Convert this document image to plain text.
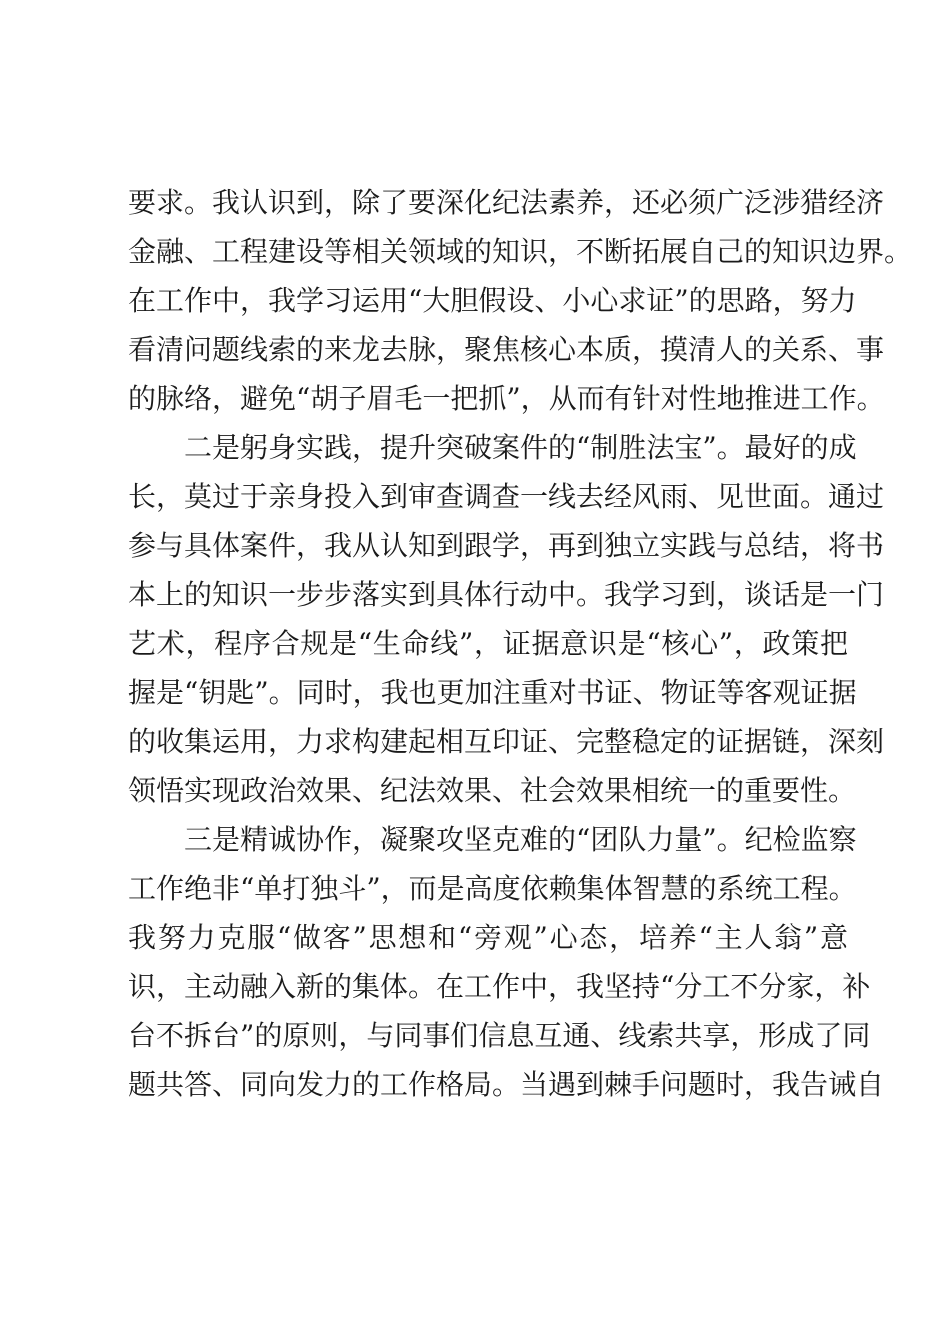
要求。我认识到，除了要深化纪法素养，还必须广泛涉猎经济
金融、工程建设等相关领域的知识，不断拓展自己的知识边界。
在工作中，我学习运用“大胆假设、小心求证”的思路，努力
看清问题线索的来龙去脉，聚焦核心本质，摸清人的关系、事
的脉络，避免“胡子眉毛一把抓”，从而有针对性地推进工作。
二是躬身实践，提升突破案件的“制胜法宝”。最好的成
长，莫过于亲身投入到审查调查一线去经风雨、见世面。通过
参与具体案件，我从认知到跟学，再到独立实践与总结，将书
本上的知识一步步落实到具体行动中。我学习到，谈话是一门
艺术，程序合规是“生命线”，证据意识是“核心”，政策把
握是“钥匙”。同时，我也更加注重对书证、物证等客观证据
的收集运用，力求构建起相互印证、完整稳定的证据链，深刻
领悟实现政治效果、纪法效果、社会效果相统一的重要性。
三是精诚协作，凝聚攻坚克难的“团队力量”。纪检监察
工作绝非“单打独斗”，而是高度依赖集体智慧的系统工程。
我努力克服“做客”思想和“旁观”心态，培养“主人翁”意
识，主动融入新的集体。在工作中，我坚持“分工不分家，补
台不拆台”的原则，与同事们信息互通、线索共享，形成了同
题共答、同向发力的工作格局。当遇到棘手问题时，我告诫自
